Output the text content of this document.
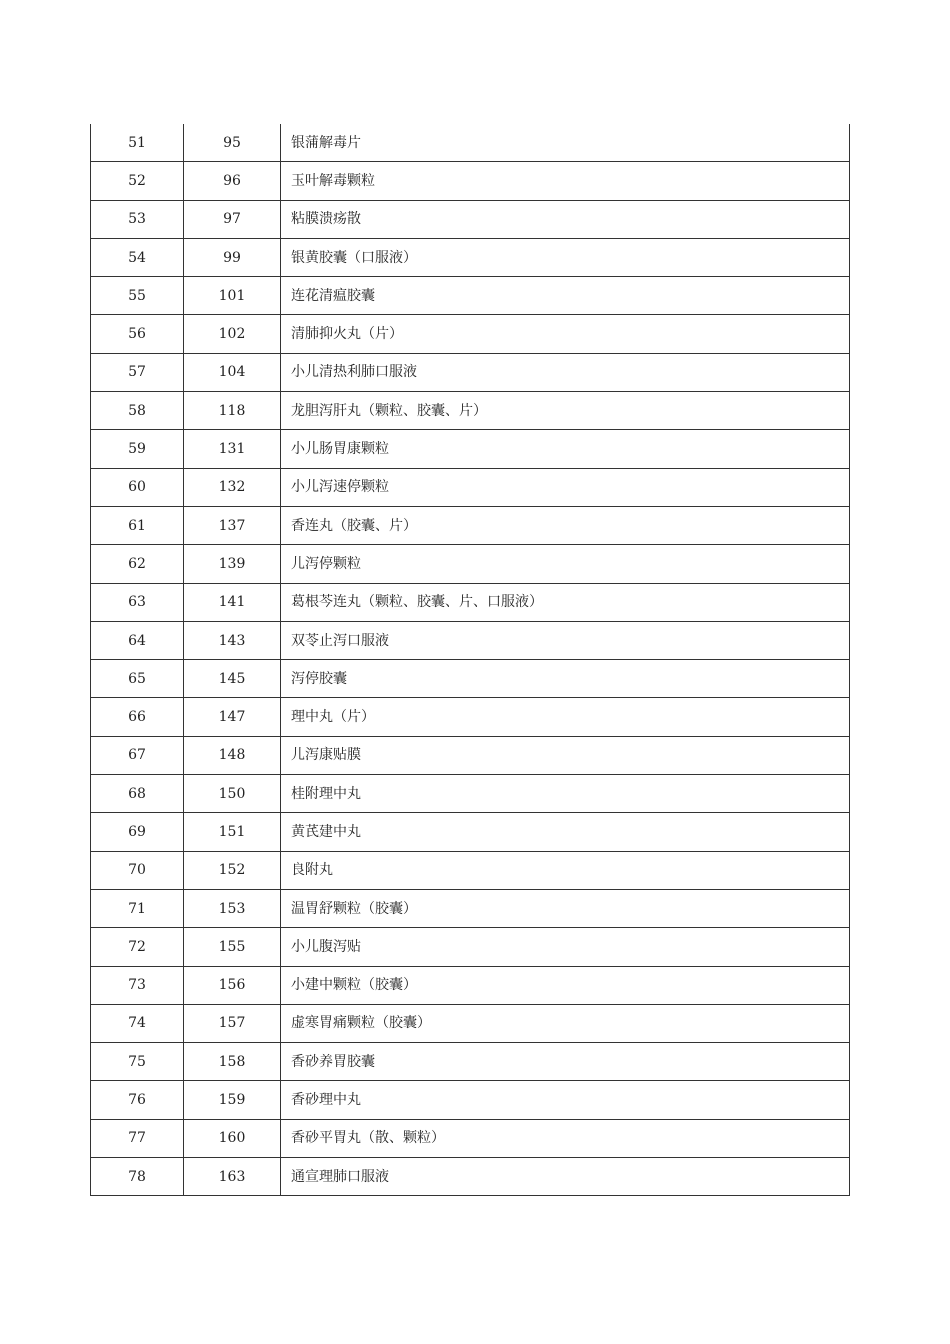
51	95	银蒲解毒片
52	96	玉叶解毒颗粒
53	97	粘膜溃疡散
54	99	银黄胶囊（口服液）
55	101	连花清瘟胶囊
56	102	清肺抑火丸（片）
57	104	小儿清热利肺口服液
58	118	龙胆泻肝丸（颗粒、胶囊、片）
59	131	小儿肠胃康颗粒
60	132	小儿泻速停颗粒
61	137	香连丸（胶囊、片）
62	139	儿泻停颗粒
63	141	葛根芩连丸（颗粒、胶囊、片、口服液）
64	143	双苓止泻口服液
65	145	泻停胶囊
66	147	理中丸（片）
67	148	儿泻康贴膜
68	150	桂附理中丸
69	151	黄芪建中丸
70	152	良附丸
71	153	温胃舒颗粒（胶囊）
72	155	小儿腹泻贴
73	156	小建中颗粒（胶囊）
74	157	虚寒胃痛颗粒（胶囊）
75	158	香砂养胃胶囊
76	159	香砂理中丸
77	160	香砂平胃丸（散、颗粒）
78	163	通宣理肺口服液
